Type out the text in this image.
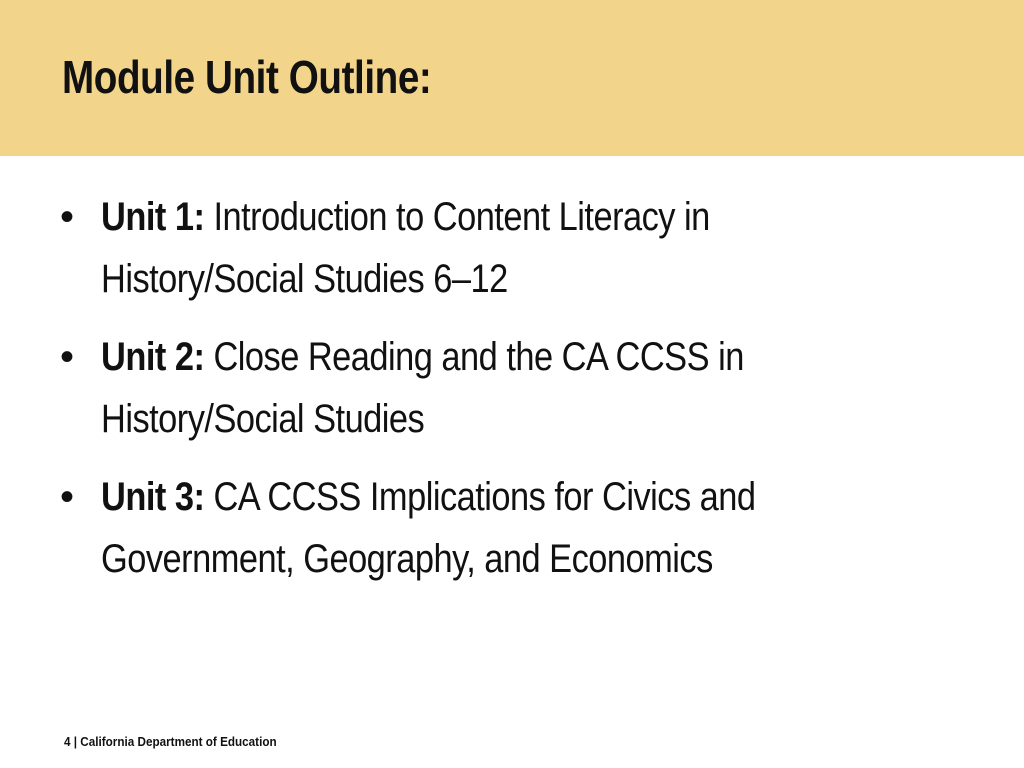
Module Unit Outline:
• Unit 1: Introduction to Content Literacy in
History/Social Studies 6–12
• Unit 2: Close Reading and the CA CCSS in
History/Social Studies
• Unit 3: CA CCSS Implications for Civics and
Government, Geography, and Economics
4 | California Department of Education
